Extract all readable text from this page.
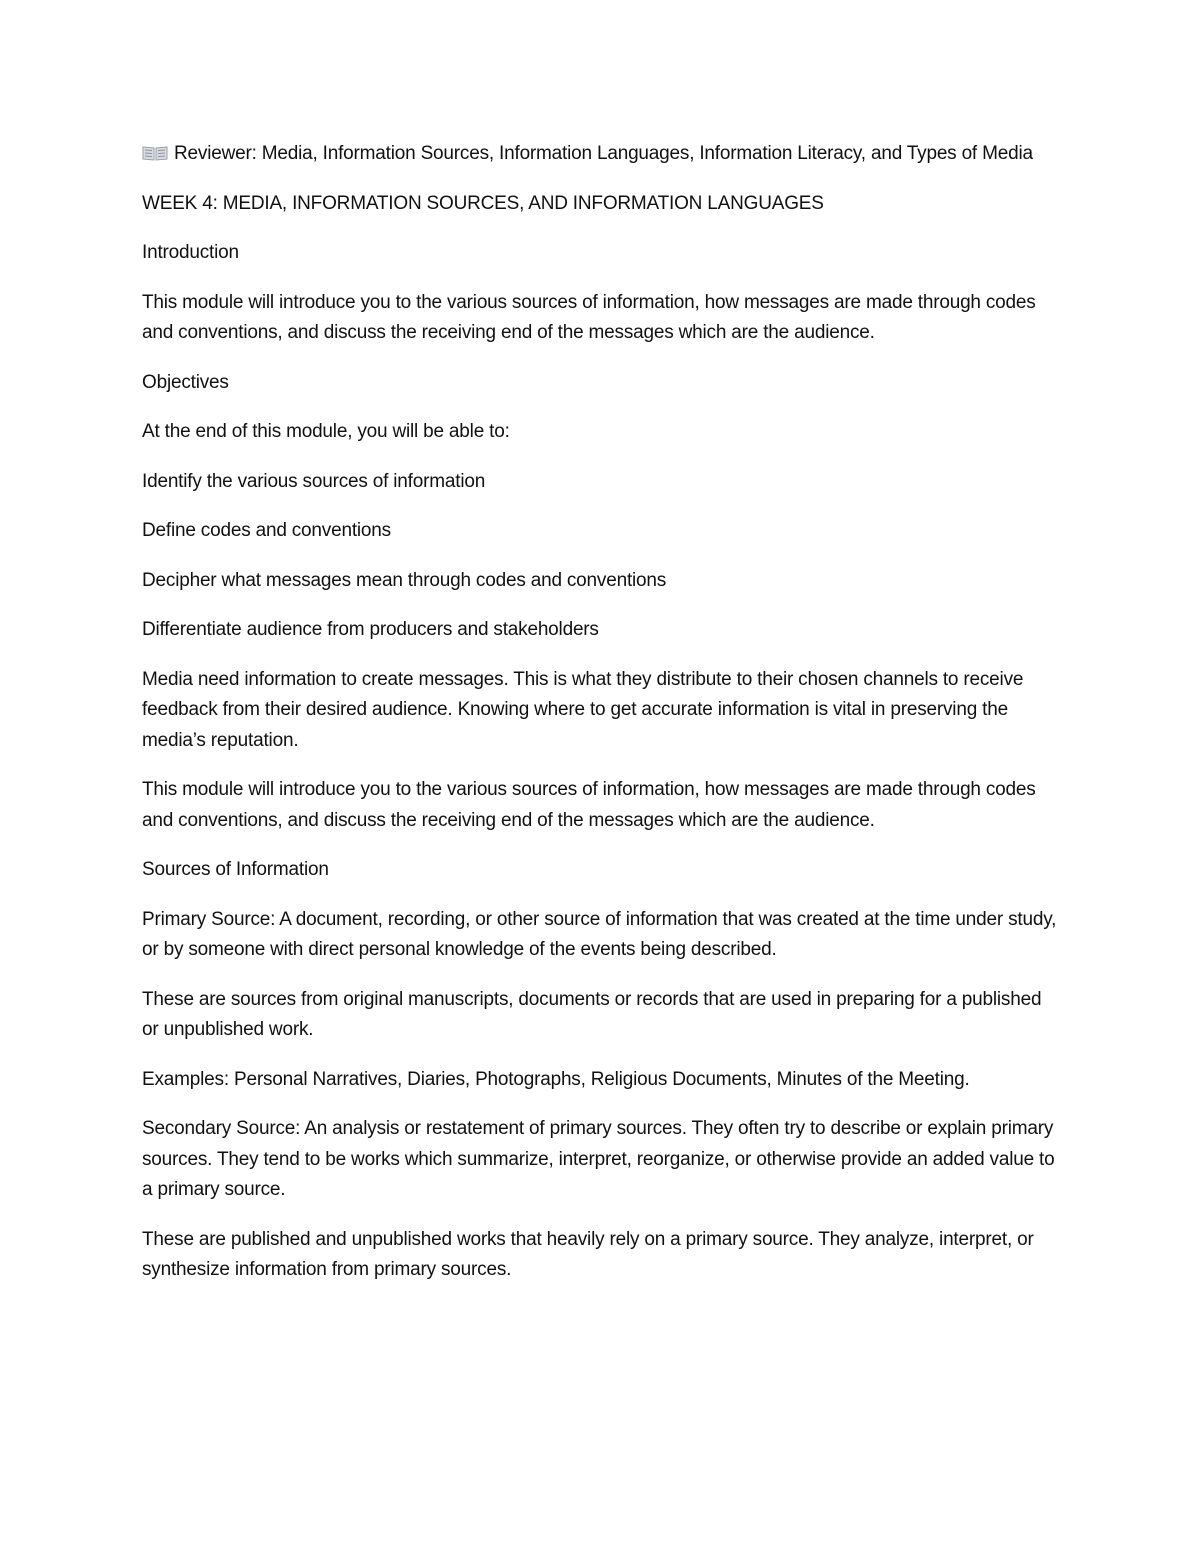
Reviewer: Media, Information Sources, Information Languages, Information Literacy, and Types of Media

WEEK 4: MEDIA, INFORMATION SOURCES, AND INFORMATION LANGUAGES

Introduction

This module will introduce you to the various sources of information, how messages are made through codes and conventions, and discuss the receiving end of the messages which are the audience.

Objectives

At the end of this module, you will be able to:

Identify the various sources of information

Define codes and conventions

Decipher what messages mean through codes and conventions

Differentiate audience from producers and stakeholders

Media need information to create messages. This is what they distribute to their chosen channels to receive feedback from their desired audience. Knowing where to get accurate information is vital in preserving the media’s reputation.

This module will introduce you to the various sources of information, how messages are made through codes and conventions, and discuss the receiving end of the messages which are the audience.

Sources of Information

Primary Source: A document, recording, or other source of information that was created at the time under study, or by someone with direct personal knowledge of the events being described.

These are sources from original manuscripts, documents or records that are used in preparing for a published or unpublished work.

Examples: Personal Narratives, Diaries, Photographs, Religious Documents, Minutes of the Meeting.

Secondary Source: An analysis or restatement of primary sources. They often try to describe or explain primary sources. They tend to be works which summarize, interpret, reorganize, or otherwise provide an added value to a primary source.

These are published and unpublished works that heavily rely on a primary source. They analyze, interpret, or synthesize information from primary sources.
